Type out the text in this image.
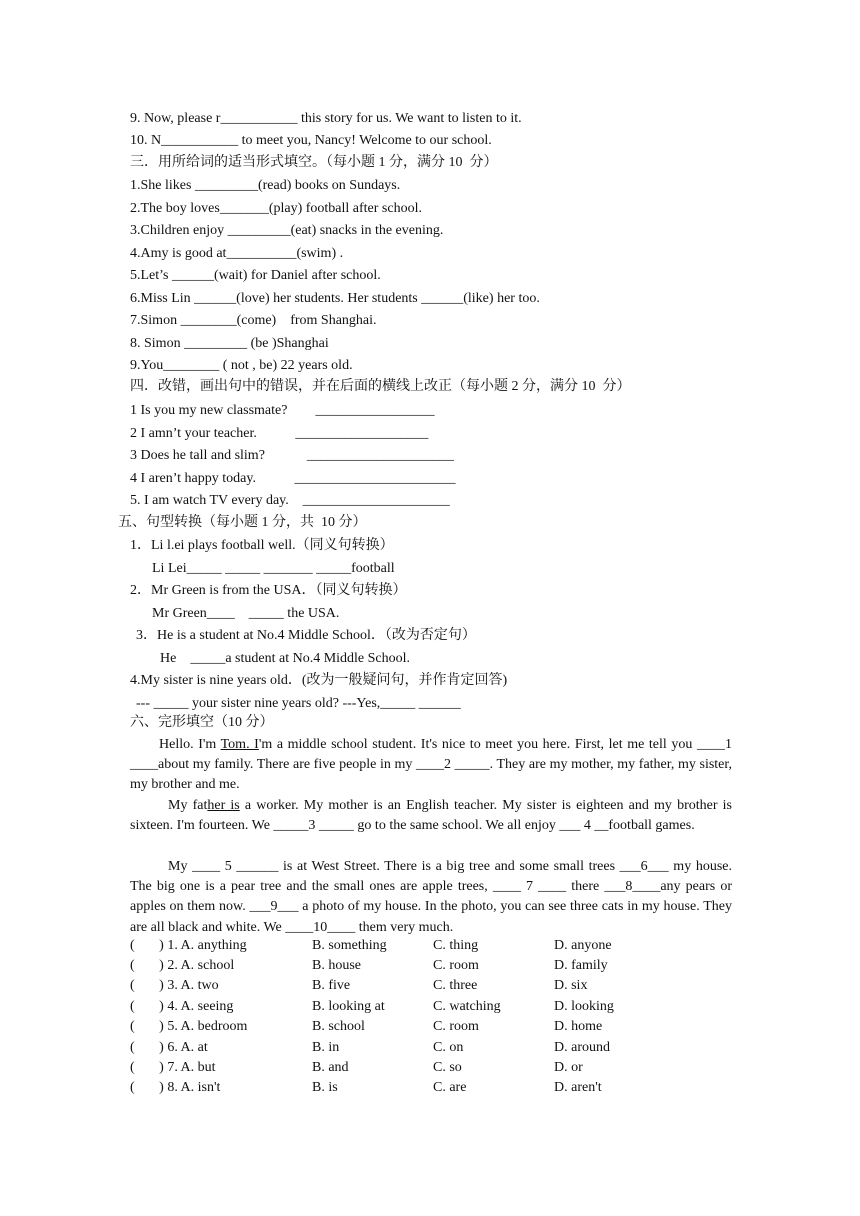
9. Now, please r___________ this story for us. We want to listen to it.
10. N___________ to meet you, Nancy! Welcome to our school.
三．用所给词的适当形式填空。（每小题 1 分，满分 10  分）
1.She likes _________(read) books on Sundays.
2.The boy loves_______(play) football after school.
3.Children enjoy _________(eat) snacks in the evening.
4.Amy is good at__________(swim) .
5.Let’s ______(wait) for Daniel after school.
6.Miss Lin ______(love) her students. Her students ______(like) her too.
7.Simon ________(come)    from Shanghai.
8. Simon _________ (be )Shanghai
9.You________ ( not , be) 22 years old.
四．改错，画出句中的错误，并在后面的横线上改正（每小题 2 分，满分 10  分）
1 Is you my new classmate?        _________________
2 I amn’t your teacher.           ___________________
3 Does he tall and slim?            _____________________
4 I aren’t happy today.           _______________________
5. I am watch TV every day.    _____________________
五、句型转换（每小题 1 分，共  10 分）
1．Li l.ei plays football well.（同义句转换）
Li Lei_____ _____ _______ _____football
2．Mr Green is from the USA．（同义句转换）
Mr Green____    _____ the USA.
3．He is a student at No.4 Middle School．（改为否定句）
He    _____a student at No.4 Middle School.
4.My sister is nine years old．(改为一般疑问句，并作肯定回答)
--- _____ your sister nine years old? ---Yes,_____ ______
六、完形填空（10 分）
Hello. I'm Tom. I'm a middle school student. It's nice to meet you here. First, let me tell you ____1 ____about my family. There are five people in my ____2 _____. They are my mother, my father, my sister, my brother and me.
My father is a worker. My mother is an English teacher. My sister is eighteen and my brother is sixteen. I'm fourteen. We _____3 _____ go to the same school. We all enjoy ___ 4 __football games.
My ____ 5 ______ is at West Street. There is a big tree and some small trees ___6___ my house. The big one is a pear tree and the small ones are apple trees, ____ 7 ____ there ___8____any pears or apples on them now. ___9___ a photo of my house. In the photo, you can see three cats in my house. They are all black and white. We ____10____ them very much.

(       ) 1. A. anything	B. something	C. thing	D. anyone

(       ) 2. A. school	B. house	C. room	D. family

(       ) 3. A. two	B. five	C. three	D. six

(       ) 4. A. seeing	B. looking at	C. watching	D. looking

(       ) 5. A. bedroom	B. school	C. room	D. home

(       ) 6. A. at	B. in	C. on	D. around

(       ) 7. A. but	B. and	C. so	D. or

(       ) 8. A. isn't	B. is	C. are	D. aren't
